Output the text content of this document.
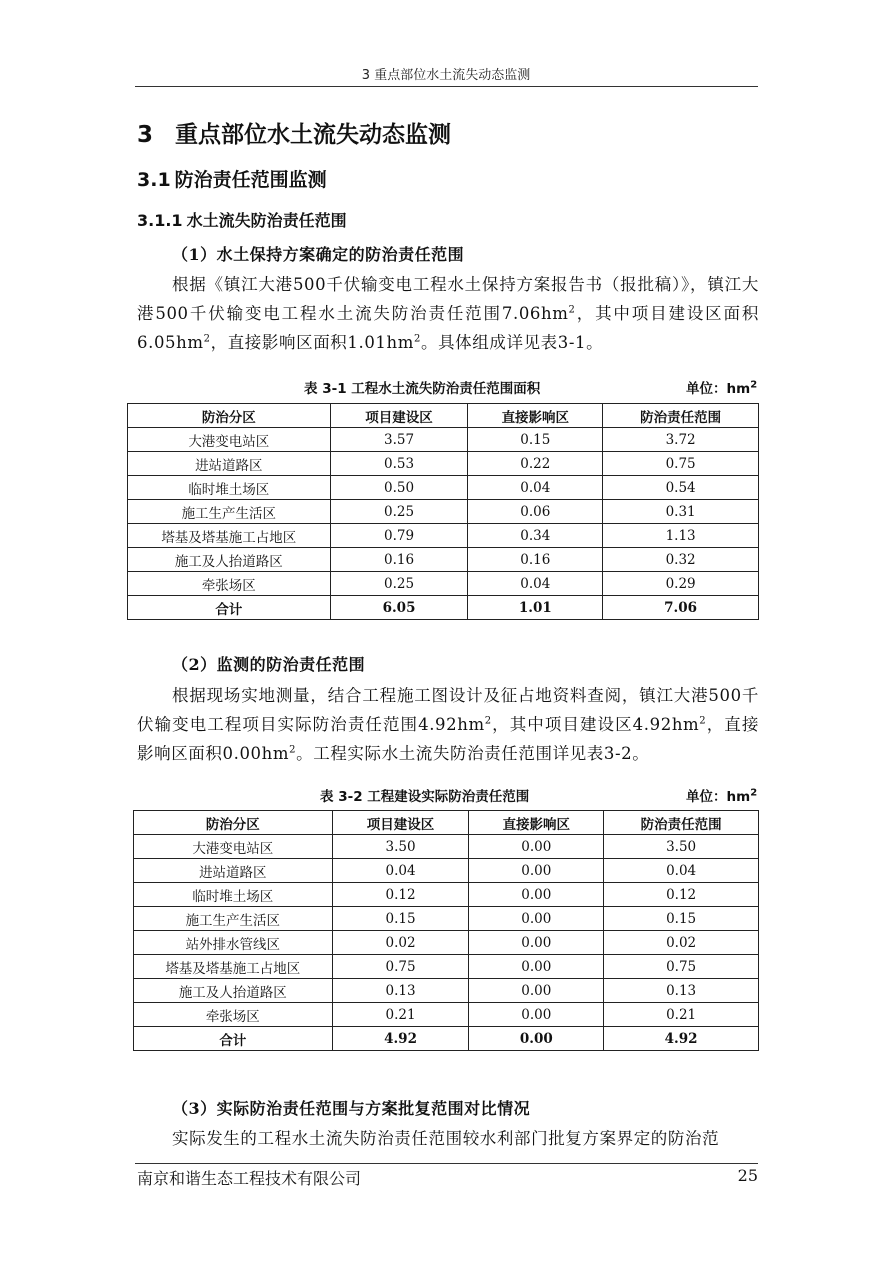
3 重点部位水土流失动态监测
3 重点部位水土流失动态监测
3.1 防治责任范围监测
3.1.1 水土流失防治责任范围
（1）水土保持方案确定的防治责任范围

根据《镇江大港500千伏输变电工程水土保持方案报告书（报批稿）》，镇江大港500千伏输变电工程水土流失防治责任范围$7.06hm^2$，其中项目建设区面积$6.05hm^2$，直接影响区面积$1.01hm^2$。具体组成详见表3-1。

表 3-1 工程水土流失防治责任范围面积	单位：$hm^2$
防治分区	项目建设区	直接影响区	防治责任范围
大港变电站区	3.57	0.15	3.72
进站道路区	0.53	0.22	0.75
临时堆土场区	0.50	0.04	0.54
施工生产生活区	0.25	0.06	0.31
塔基及塔基施工占地区	0.79	0.34	1.13
施工及人抬道路区	0.16	0.16	0.32
牵张场区	0.25	0.04	0.29
合计	6.05	1.01	7.06
（2）监测的防治责任范围

根据现场实地测量，结合工程施工图设计及征占地资料查阅，镇江大港500千伏输变电工程项目实际防治责任范围$4.92hm^2$，其中项目建设区$4.92hm^2$，直接影响区面积$0.00hm^2$。工程实际水土流失防治责任范围详见表3-2。

表 3-2 工程建设实际防治责任范围	单位：$hm^2$
防治分区	项目建设区	直接影响区	防治责任范围
大港变电站区	3.50	0.00	3.50
进站道路区	0.04	0.00	0.04
临时堆土场区	0.12	0.00	0.12
施工生产生活区	0.15	0.00	0.15
站外排水管线区	0.02	0.00	0.02
塔基及塔基施工占地区	0.75	0.00	0.75
施工及人抬道路区	0.13	0.00	0.13
牵张场区	0.21	0.00	0.21
合计	4.92	0.00	4.92
（3）实际防治责任范围与方案批复范围对比情况

实际发生的工程水土流失防治责任范围较水利部门批复方案界定的防治范

南京和谐生态工程技术有限公司	25
